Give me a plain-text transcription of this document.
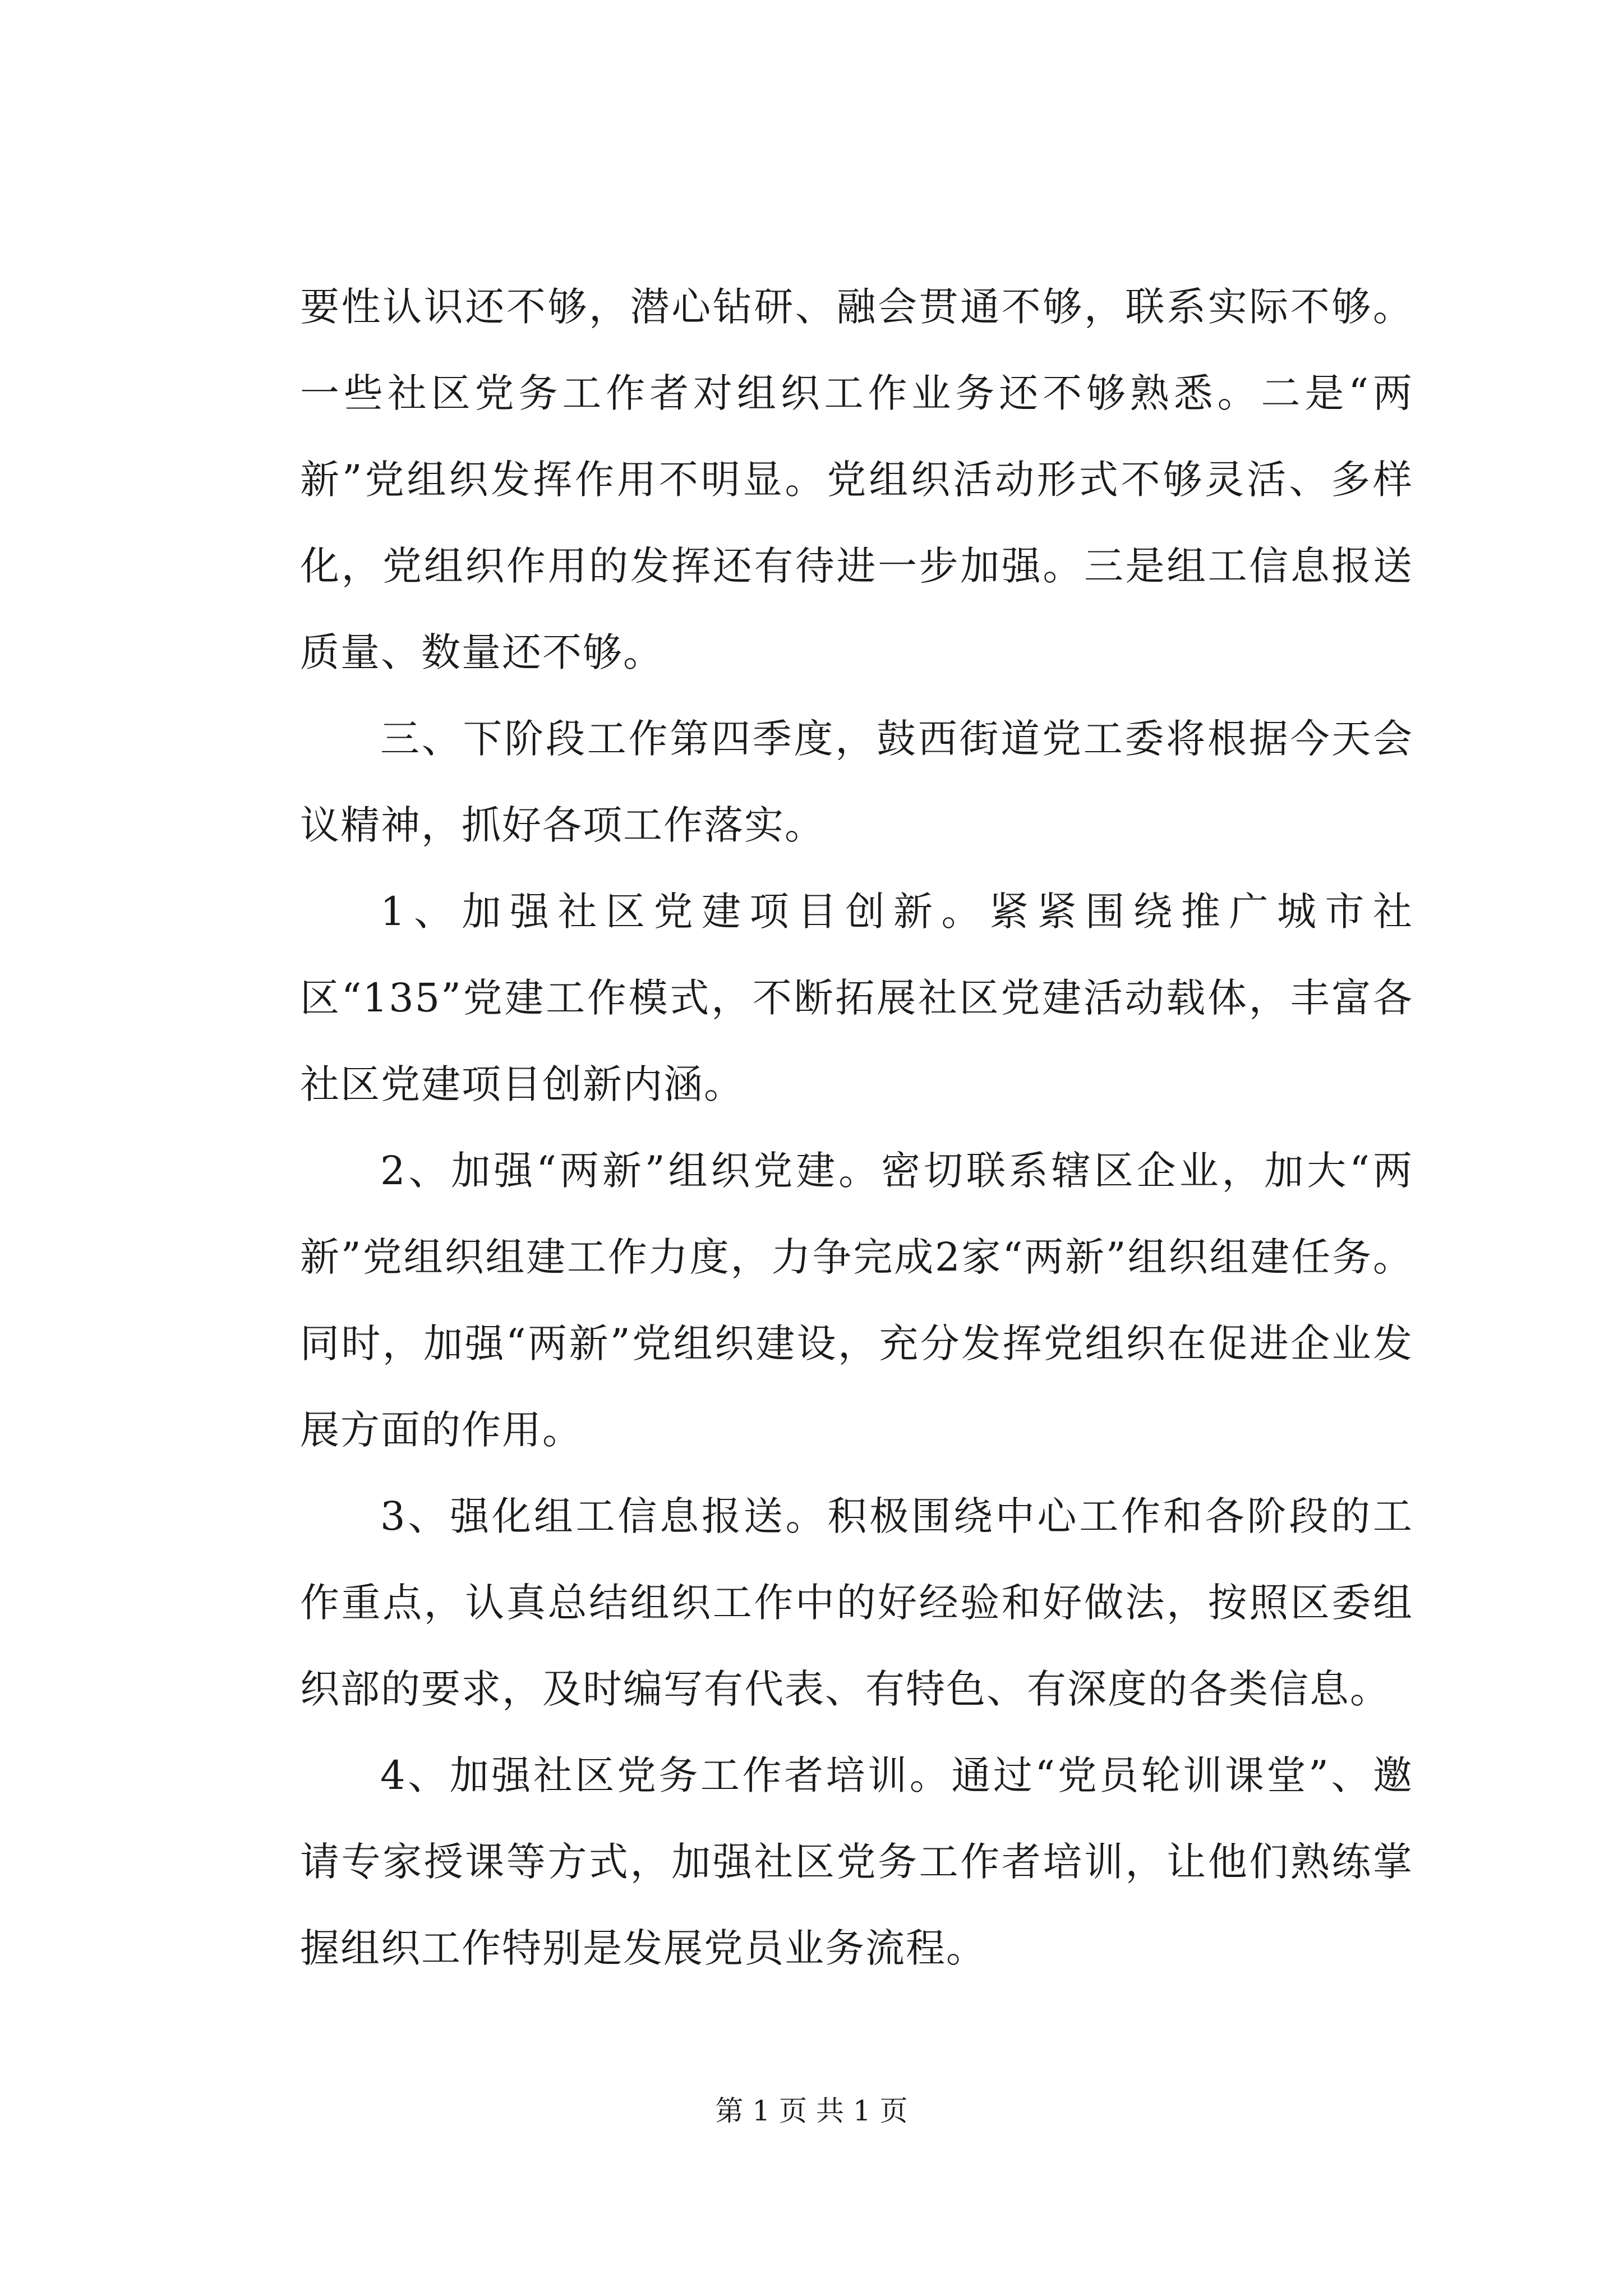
要性认识还不够，潜心钻研、融会贯通不够，联系实际不够。一些社区党务工作者对组织工作业务还不够熟悉。二是“两新”党组织发挥作用不明显。党组织活动形式不够灵活、多样化，党组织作用的发挥还有待进一步加强。三是组工信息报送质量、数量还不够。

三、下阶段工作第四季度，鼓西街道党工委将根据今天会议精神，抓好各项工作落实。

1、加强社区党建项目创新。紧紧围绕推广城市社区“135”党建工作模式，不断拓展社区党建活动载体，丰富各社区党建项目创新内涵。

2、加强“两新”组织党建。密切联系辖区企业，加大“两新”党组织组建工作力度，力争完成2家“两新”组织组建任务。同时，加强“两新”党组织建设，充分发挥党组织在促进企业发展方面的作用。

3、强化组工信息报送。积极围绕中心工作和各阶段的工作重点，认真总结组织工作中的好经验和好做法，按照区委组织部的要求，及时编写有代表、有特色、有深度的各类信息。

4、加强社区党务工作者培训。通过“党员轮训课堂”、邀请专家授课等方式，加强社区党务工作者培训，让他们熟练掌握组织工作特别是发展党员业务流程。

第 1 页 共 1 页
